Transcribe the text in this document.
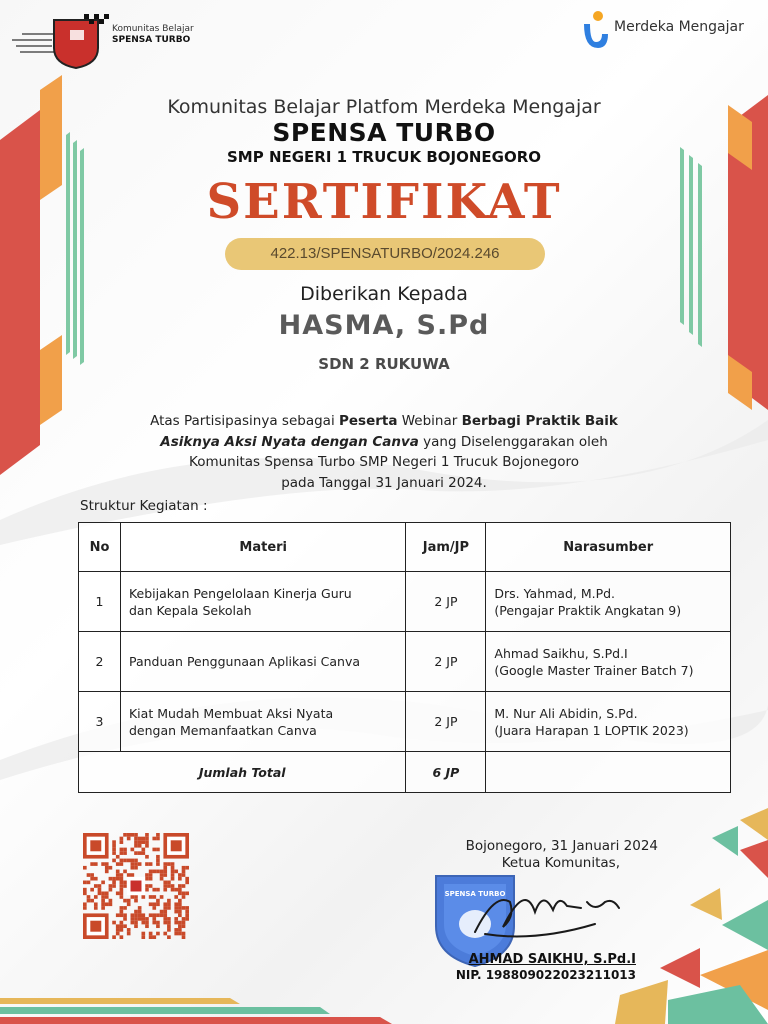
Komunitas Belajar
SPENSA TURBO
Merdeka Mengajar
Komunitas Belajar Platfom Merdeka Mengajar
SPENSA TURBO
SMP NEGERI 1 TRUCUK BOJONEGORO
SERTIFIKAT
422.13/SPENSATURBO/2024.246
Diberikan Kepada
HASMA, S.Pd
SDN 2 RUKUWA
Atas Partisipasinya sebagai Peserta Webinar Berbagi Praktik Baik
Asiknya Aksi Nyata dengan Canva yang Diselenggarakan oleh
Komunitas Spensa Turbo SMP Negeri 1 Trucuk Bojonegoro
pada Tanggal 31 Januari 2024.
Struktur Kegiatan :
No	Materi	Jam/JP	Narasumber
1	Kebijakan Pengelolaan Kinerja Guru
dan Kepala Sekolah	2 JP	Drs. Yahmad, M.Pd.
(Pengajar Praktik Angkatan 9)
2	Panduan Penggunaan Aplikasi Canva	2 JP	Ahmad Saikhu, S.Pd.I
(Google Master Trainer Batch 7)
3	Kiat Mudah Membuat Aksi Nyata
dengan Memanfaatkan Canva	2 JP	M. Nur Ali Abidin, S.Pd.
(Juara Harapan 1 LOPTIK 2023)
Jumlah Total		6 JP	
Bojonegoro, 31 Januari 2024
Ketua Komunitas,
SPENSA TURBO
AHMAD SAIKHU, S.Pd.I
NIP. 198809022023211013
